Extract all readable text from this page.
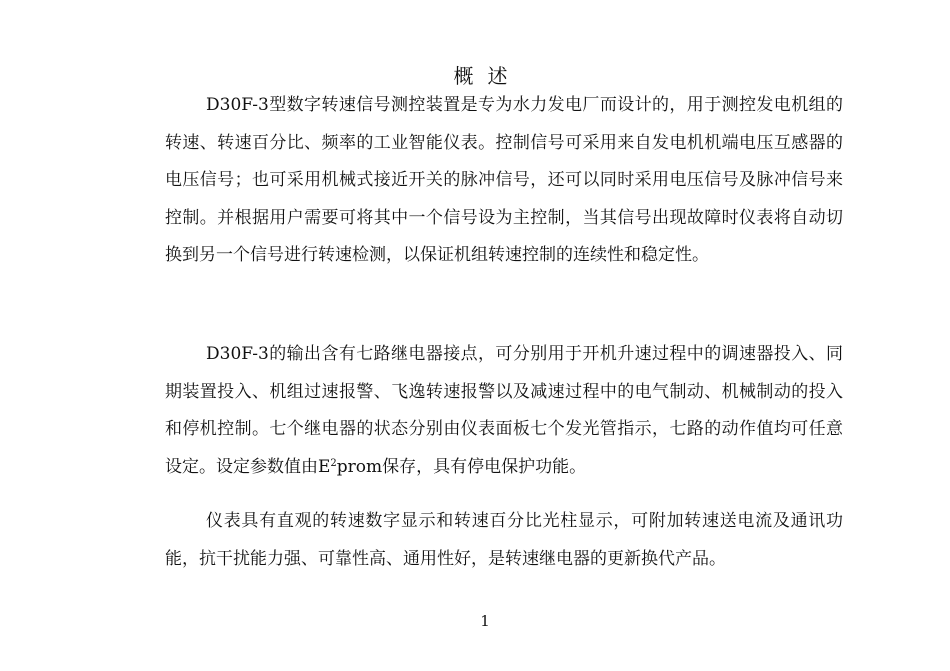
概述

D30F-3型数字转速信号测控装置是专为水力发电厂而设计的，用于测控发电机组的转速、转速百分比、频率的工业智能仪表。控制信号可采用来自发电机机端电压互感器的电压信号；也可采用机械式接近开关的脉冲信号，还可以同时采用电压信号及脉冲信号来控制。并根据用户需要可将其中一个信号设为主控制，当其信号出现故障时仪表将自动切换到另一个信号进行转速检测，以保证机组转速控制的连续性和稳定性。

D30F-3的输出含有七路继电器接点，可分别用于开机升速过程中的调速器投入、同期装置投入、机组过速报警、飞逸转速报警以及减速过程中的电气制动、机械制动的投入和停机控制。七个继电器的状态分别由仪表面板七个发光管指示，七路的动作值均可任意设定。设定参数值由$E^2prom$保存，具有停电保护功能。

仪表具有直观的转速数字显示和转速百分比光柱显示，可附加转速送电流及通讯功能，抗干扰能力强、可靠性高、通用性好，是转速继电器的更新换代产品。

1
